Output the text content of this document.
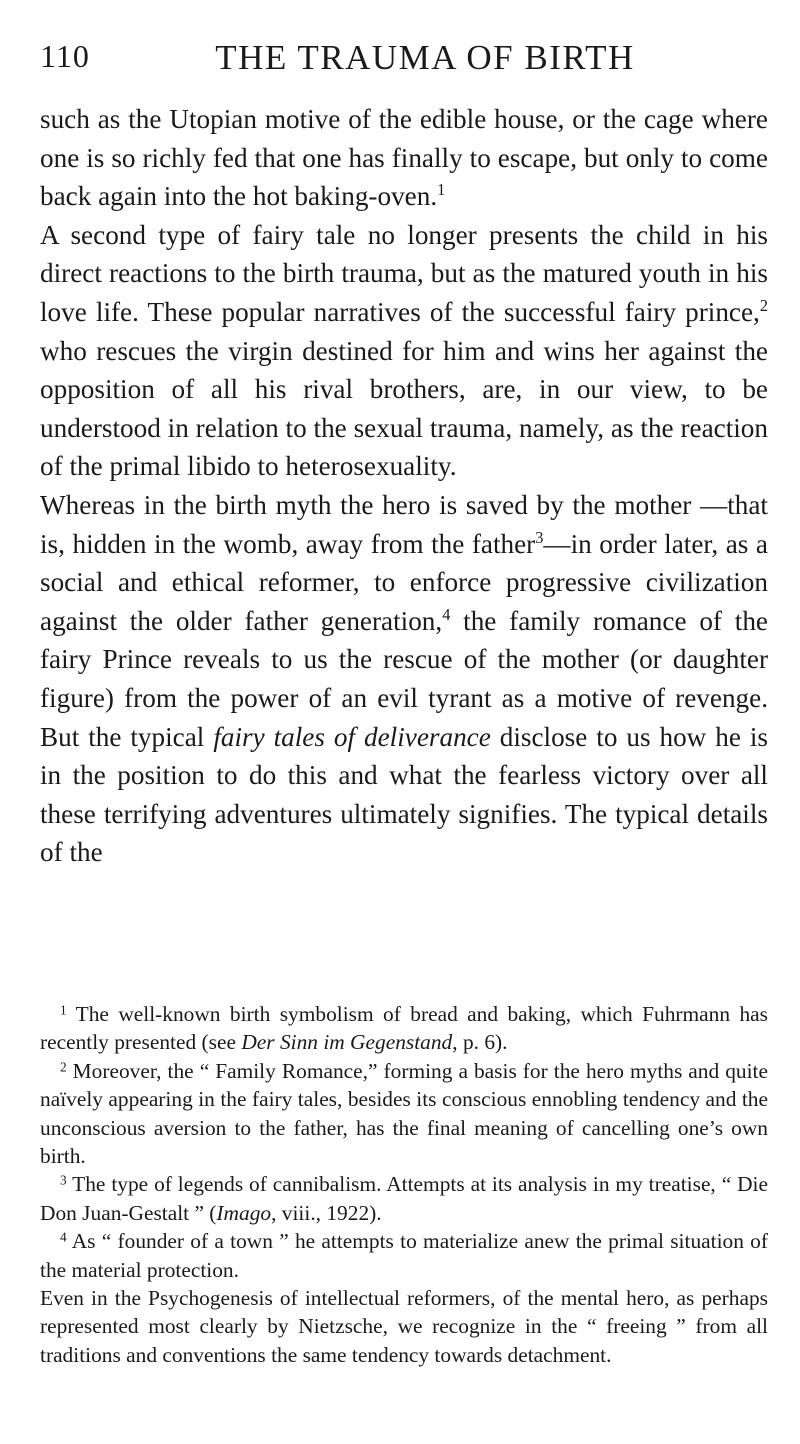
110	THE TRAUMA OF BIRTH

such as the Utopian motive of the edible house, or the cage where one is so richly fed that one has finally to escape, but only to come back again into the hot baking-oven.$^1$

A second type of fairy tale no longer presents the child in his direct reactions to the birth trauma, but as the matured youth in his love life. These popular narratives of the successful fairy prince,$^2$ who rescues the virgin destined for him and wins her against the opposition of all his rival brothers, are, in our view, to be understood in relation to the sexual trauma, namely, as the reaction of the primal libido to heterosexuality.

Whereas in the birth myth the hero is saved by the mother —that is, hidden in the womb, away from the father$^3$—in order later, as a social and ethical reformer, to enforce progressive civilization against the older father generation,$^4$ the family romance of the fairy Prince reveals to us the rescue of the mother (or daughter figure) from the power of an evil tyrant as a motive of revenge. But the typical fairy tales of deliverance disclose to us how he is in the position to do this and what the fearless victory over all these terrifying adventures ultimately signifies. The typical details of the

$^1$ The well-known birth symbolism of bread and baking, which Fuhrmann has recently presented (see Der Sinn im Gegenstand, p. 6).

$^2$ Moreover, the “ Family Romance,” forming a basis for the hero myths and quite naïvely appearing in the fairy tales, besides its conscious ennobling tendency and the unconscious aversion to the father, has the final meaning of cancelling one’s own birth.

$^3$ The type of legends of cannibalism. Attempts at its analysis in my treatise, “ Die Don Juan-Gestalt ” (Imago, viii., 1922).

$^4$ As “ founder of a town ” he attempts to materialize anew the primal situation of the material protection.

Even in the Psychogenesis of intellectual reformers, of the mental hero, as perhaps represented most clearly by Nietzsche, we recognize in the “ freeing ” from all traditions and conventions the same tendency towards detachment.
